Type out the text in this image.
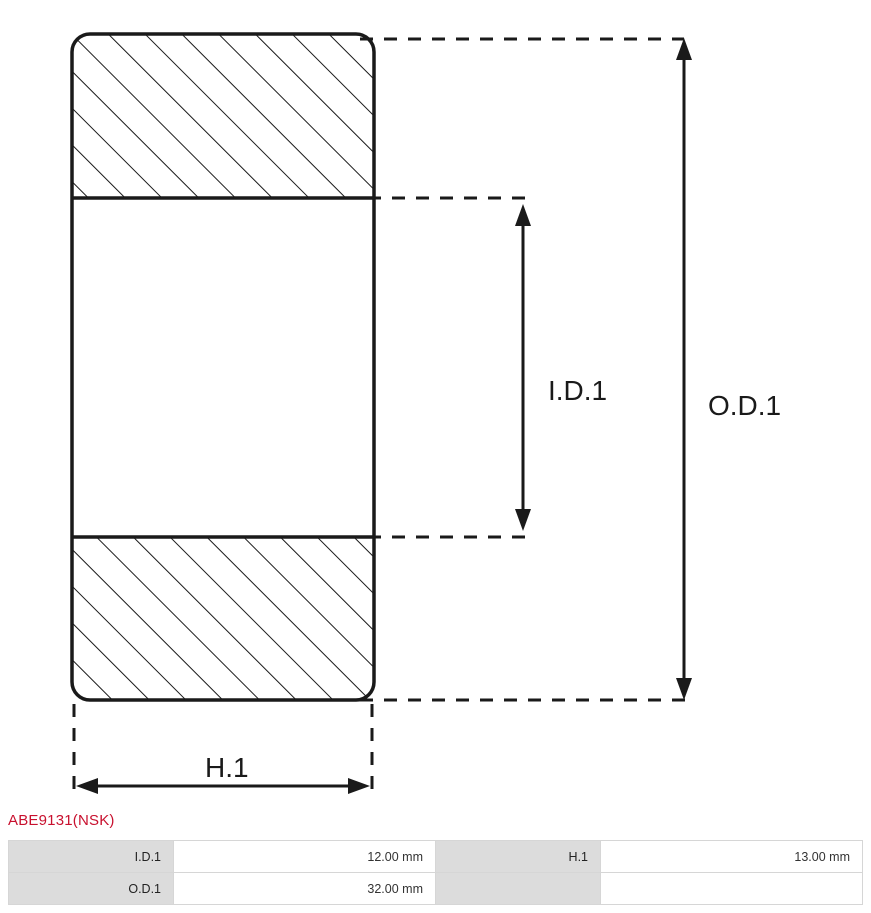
I.D.1	O.D.1
H.1
ABE9131(NSK)
I.D.1	12.00 mm	H.1	13.00 mm
O.D.1	32.00 mm		
